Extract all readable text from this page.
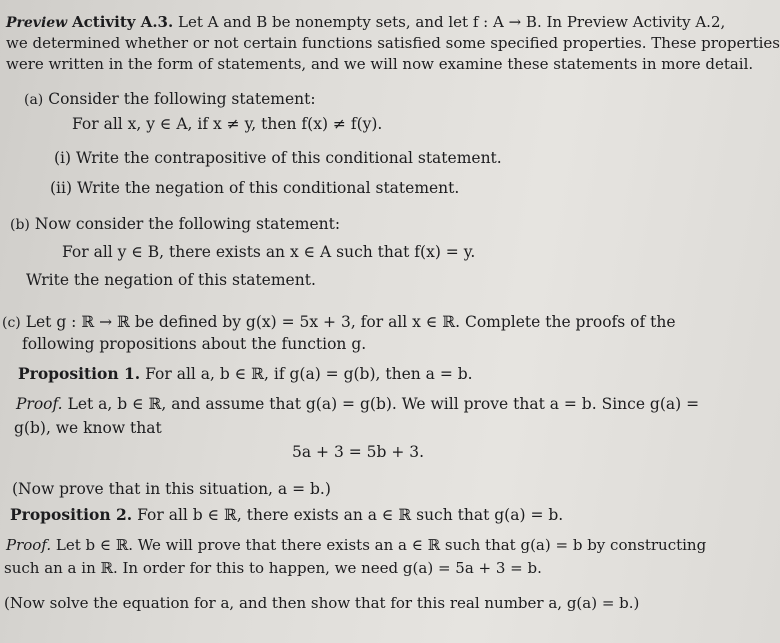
Preview Activity A.3. Let A and B be nonempty sets, and let f : A → B. In Preview Activity A.2,
we determined whether or not certain functions satisfied some specified properties. These properties
were written in the form of statements, and we will now examine these statements in more detail.
(a) Consider the following statement:
For all x, y ∈ A, if x ≠ y, then f(x) ≠ f(y).
(i) Write the contrapositive of this conditional statement.
(ii) Write the negation of this conditional statement.
(b) Now consider the following statement:
For all y ∈ B, there exists an x ∈ A such that f(x) = y.
Write the negation of this statement.
(c) Let g : ℝ → ℝ be defined by g(x) = 5x + 3, for all x ∈ ℝ. Complete the proofs of the
following propositions about the function g.
Proposition 1. For all a, b ∈ ℝ, if g(a) = g(b), then a = b.
Proof. Let a, b ∈ ℝ, and assume that g(a) = g(b). We will prove that a = b. Since g(a) =
g(b), we know that
5a + 3 = 5b + 3.
(Now prove that in this situation, a = b.)
Proposition 2. For all b ∈ ℝ, there exists an a ∈ ℝ such that g(a) = b.
Proof. Let b ∈ ℝ. We will prove that there exists an a ∈ ℝ such that g(a) = b by constructing
such an a in ℝ. In order for this to happen, we need g(a) = 5a + 3 = b.
(Now solve the equation for a, and then show that for this real number a, g(a) = b.)
